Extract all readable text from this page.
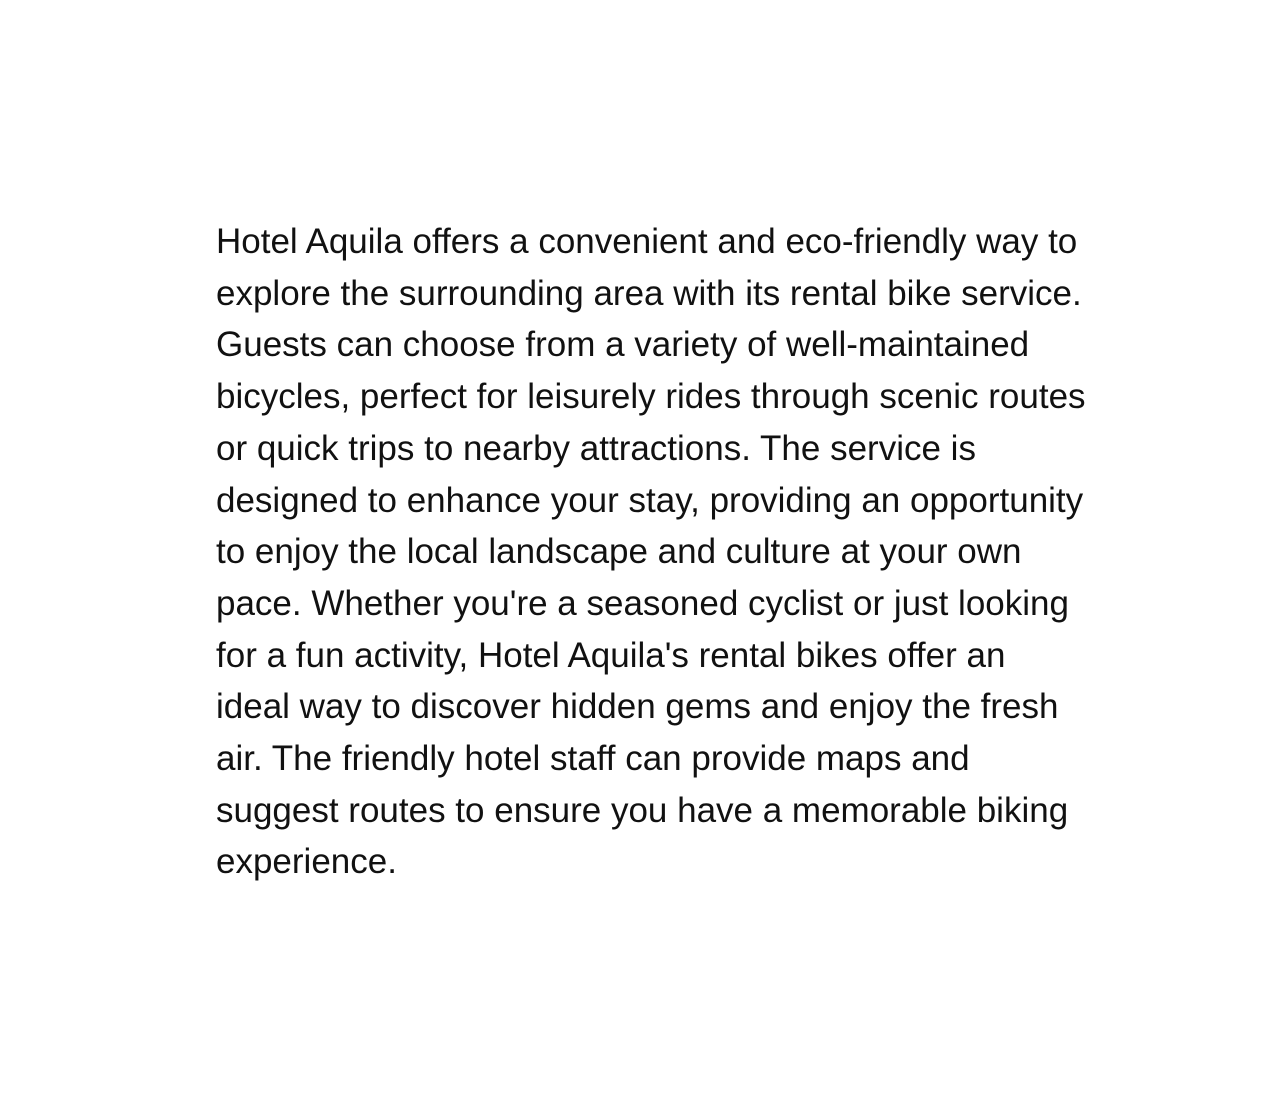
Hotel Aquila offers a convenient and eco-friendly way to explore the surrounding area with its rental bike service. Guests can choose from a variety of well-maintained bicycles, perfect for leisurely rides through scenic routes or quick trips to nearby attractions. The service is designed to enhance your stay, providing an opportunity to enjoy the local landscape and culture at your own pace. Whether you're a seasoned cyclist or just looking for a fun activity, Hotel Aquila's rental bikes offer an ideal way to discover hidden gems and enjoy the fresh air. The friendly hotel staff can provide maps and suggest routes to ensure you have a memorable biking experience.
